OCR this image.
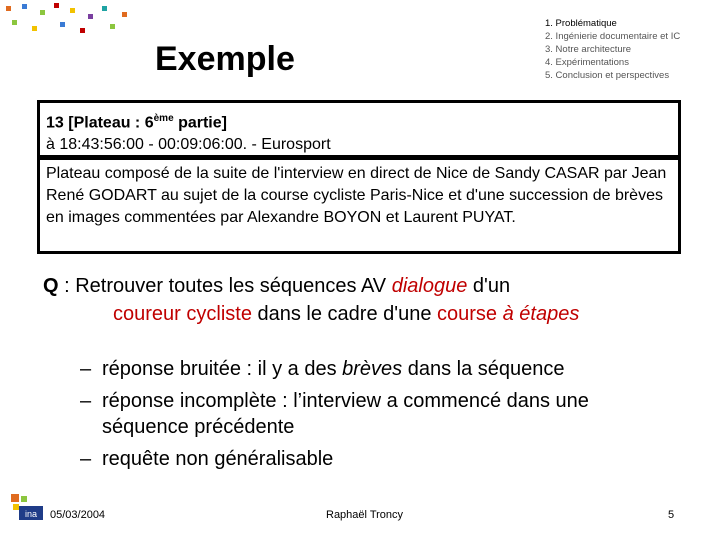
Exemple
1. Problématique
2. Ingénierie documentaire et IC
3. Notre architecture
4. Expérimentations
5. Conclusion et perspectives
13 [Plateau : 6ème partie]
à 18:43:56:00 - 00:09:06:00. - Eurosport
Plateau composé de la suite de l'interview en direct de Nice de Sandy CASAR par Jean René GODART au sujet de la course cycliste Paris-Nice et d'une succession de brèves en images commentées par Alexandre BOYON et Laurent PUYAT.
Q : Retrouver toutes les séquences AV dialogue d'un
coureur cycliste dans le cadre d'une course à étapes
– réponse bruitée : il y a des brèves dans la séquence
– réponse incomplète : l’interview a commencé dans une séquence précédente
– requête non généralisable
ina 05/03/2004	Raphaël Troncy	5
